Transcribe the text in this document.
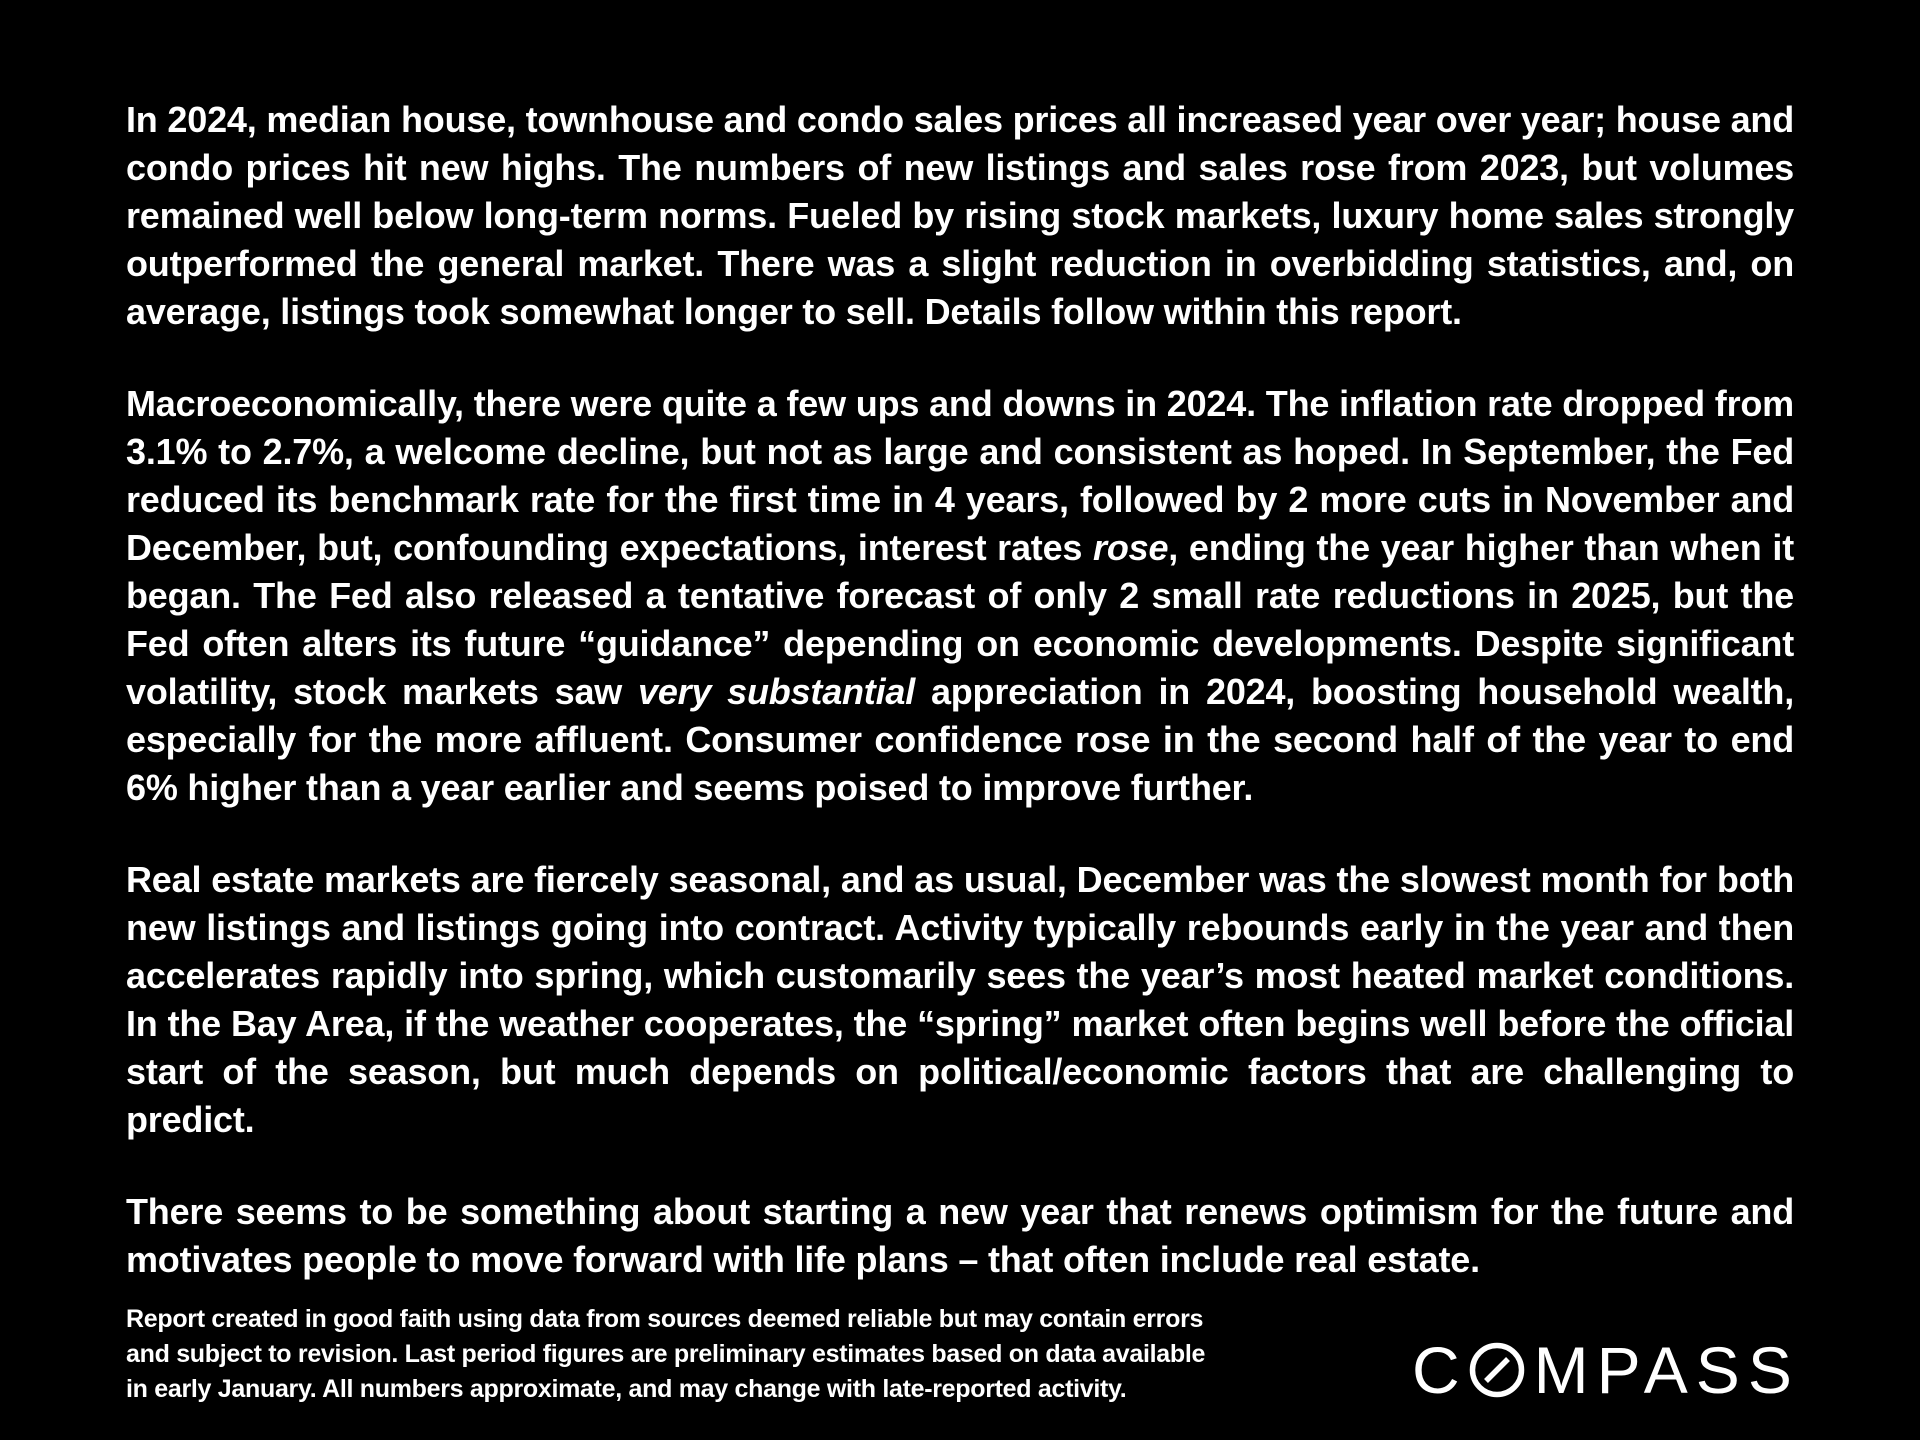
In 2024, median house, townhouse and condo sales prices all increased year over year; house and condo prices hit new highs. The numbers of new listings and sales rose from 2023, but volumes remained well below long-term norms. Fueled by rising stock markets, luxury home sales strongly outperformed the general market. There was a slight reduction in overbidding statistics, and, on average, listings took somewhat longer to sell. Details follow within this report.

Macroeconomically, there were quite a few ups and downs in 2024. The inflation rate dropped from 3.1% to 2.7%, a welcome decline, but not as large and consistent as hoped. In September, the Fed reduced its benchmark rate for the first time in 4 years, followed by 2 more cuts in November and December, but, confounding expectations, interest rates rose, ending the year higher than when it began. The Fed also released a tentative forecast of only 2 small rate reductions in 2025, but the Fed often alters its future “guidance” depending on economic developments. Despite significant volatility, stock markets saw very substantial appreciation in 2024, boosting household wealth, especially for the more affluent. Consumer confidence rose in the second half of the year to end 6% higher than a year earlier and seems poised to improve further.

Real estate markets are fiercely seasonal, and as usual, December was the slowest month for both new listings and listings going into contract. Activity typically rebounds early in the year and then accelerates rapidly into spring, which customarily sees the year’s most heated market conditions. In the Bay Area, if the weather cooperates, the “spring” market often begins well before the official start of the season, but much depends on political/economic factors that are challenging to predict.

There seems to be something about starting a new year that renews optimism for the future and motivates people to move forward with life plans – that often include real estate.

Report created in good faith using data from sources deemed reliable but may contain errors
and subject to revision. Last period figures are preliminary estimates based on data available
in early January. All numbers approximate, and may change with late-reported activity.	C MPASS
